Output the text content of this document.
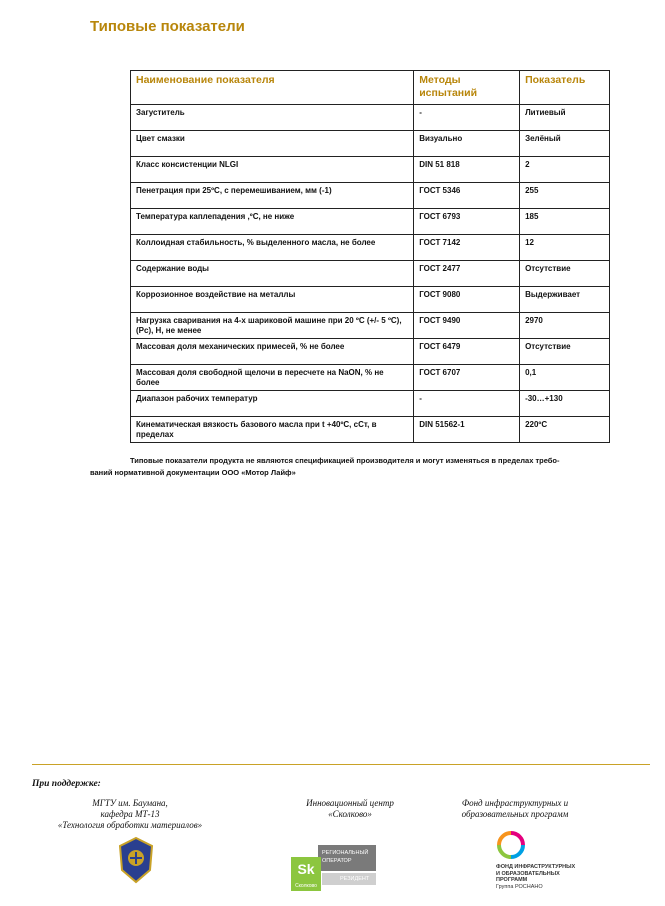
Типовые показатели
Наименование показателя	Методы испытаний	Показатель
Загуститель	-	Литиевый
Цвет смазки	Визуально	Зелёный
Класс консистенции NLGI	DIN 51 818	2
Пенетрация при 25ºС, с перемешиванием, мм (-1)	ГОСТ 5346	255
Температура каплепадения ,ºС, не ниже	ГОСТ 6793	185
Коллоидная стабильность, % выделенного масла, не более	ГОСТ 7142	12
Содержание воды	ГОСТ 2477	Отсутствие
Коррозионное воздействие на металлы	ГОСТ 9080	Выдерживает
Нагрузка сваривания на 4-х шариковой машине при 20 ºС (+/- 5 ºС), (Рс), Н, не менее	ГОСТ 9490	2970
Массовая доля механических примесей, % не более	ГОСТ 6479	Отсутствие
Массовая доля свободной щелочи в пересчете на NaON, % не более	ГОСТ 6707	0,1
Диапазон рабочих температур	-	-30…+130
Кинематическая вязкость базового масла при t +40ºС, сСт, в пределах	DIN 51562-1	220ºС
Типовые показатели продукта не являются спецификацией производителя и могут изменяться в пределах требо-
ваний нормативной документации ООО «Мотор Лайф»
При поддержке:
МГТУ им. Баумана,
кафедра МТ-13
«Технология обработки материалов»
Инновационный центр
«Сколково»
Фонд инфраструктурных и
образовательных программ
РЕГИОНАЛЬНЫЙ
ОПЕРАТОР
РЕЗИДЕНТ
Sk
Сколково
ФОНД ИНФРАСТРУКТУРНЫХ
И ОБРАЗОВАТЕЛЬНЫХ
ПРОГРАММ
Группа РОСНАНО
